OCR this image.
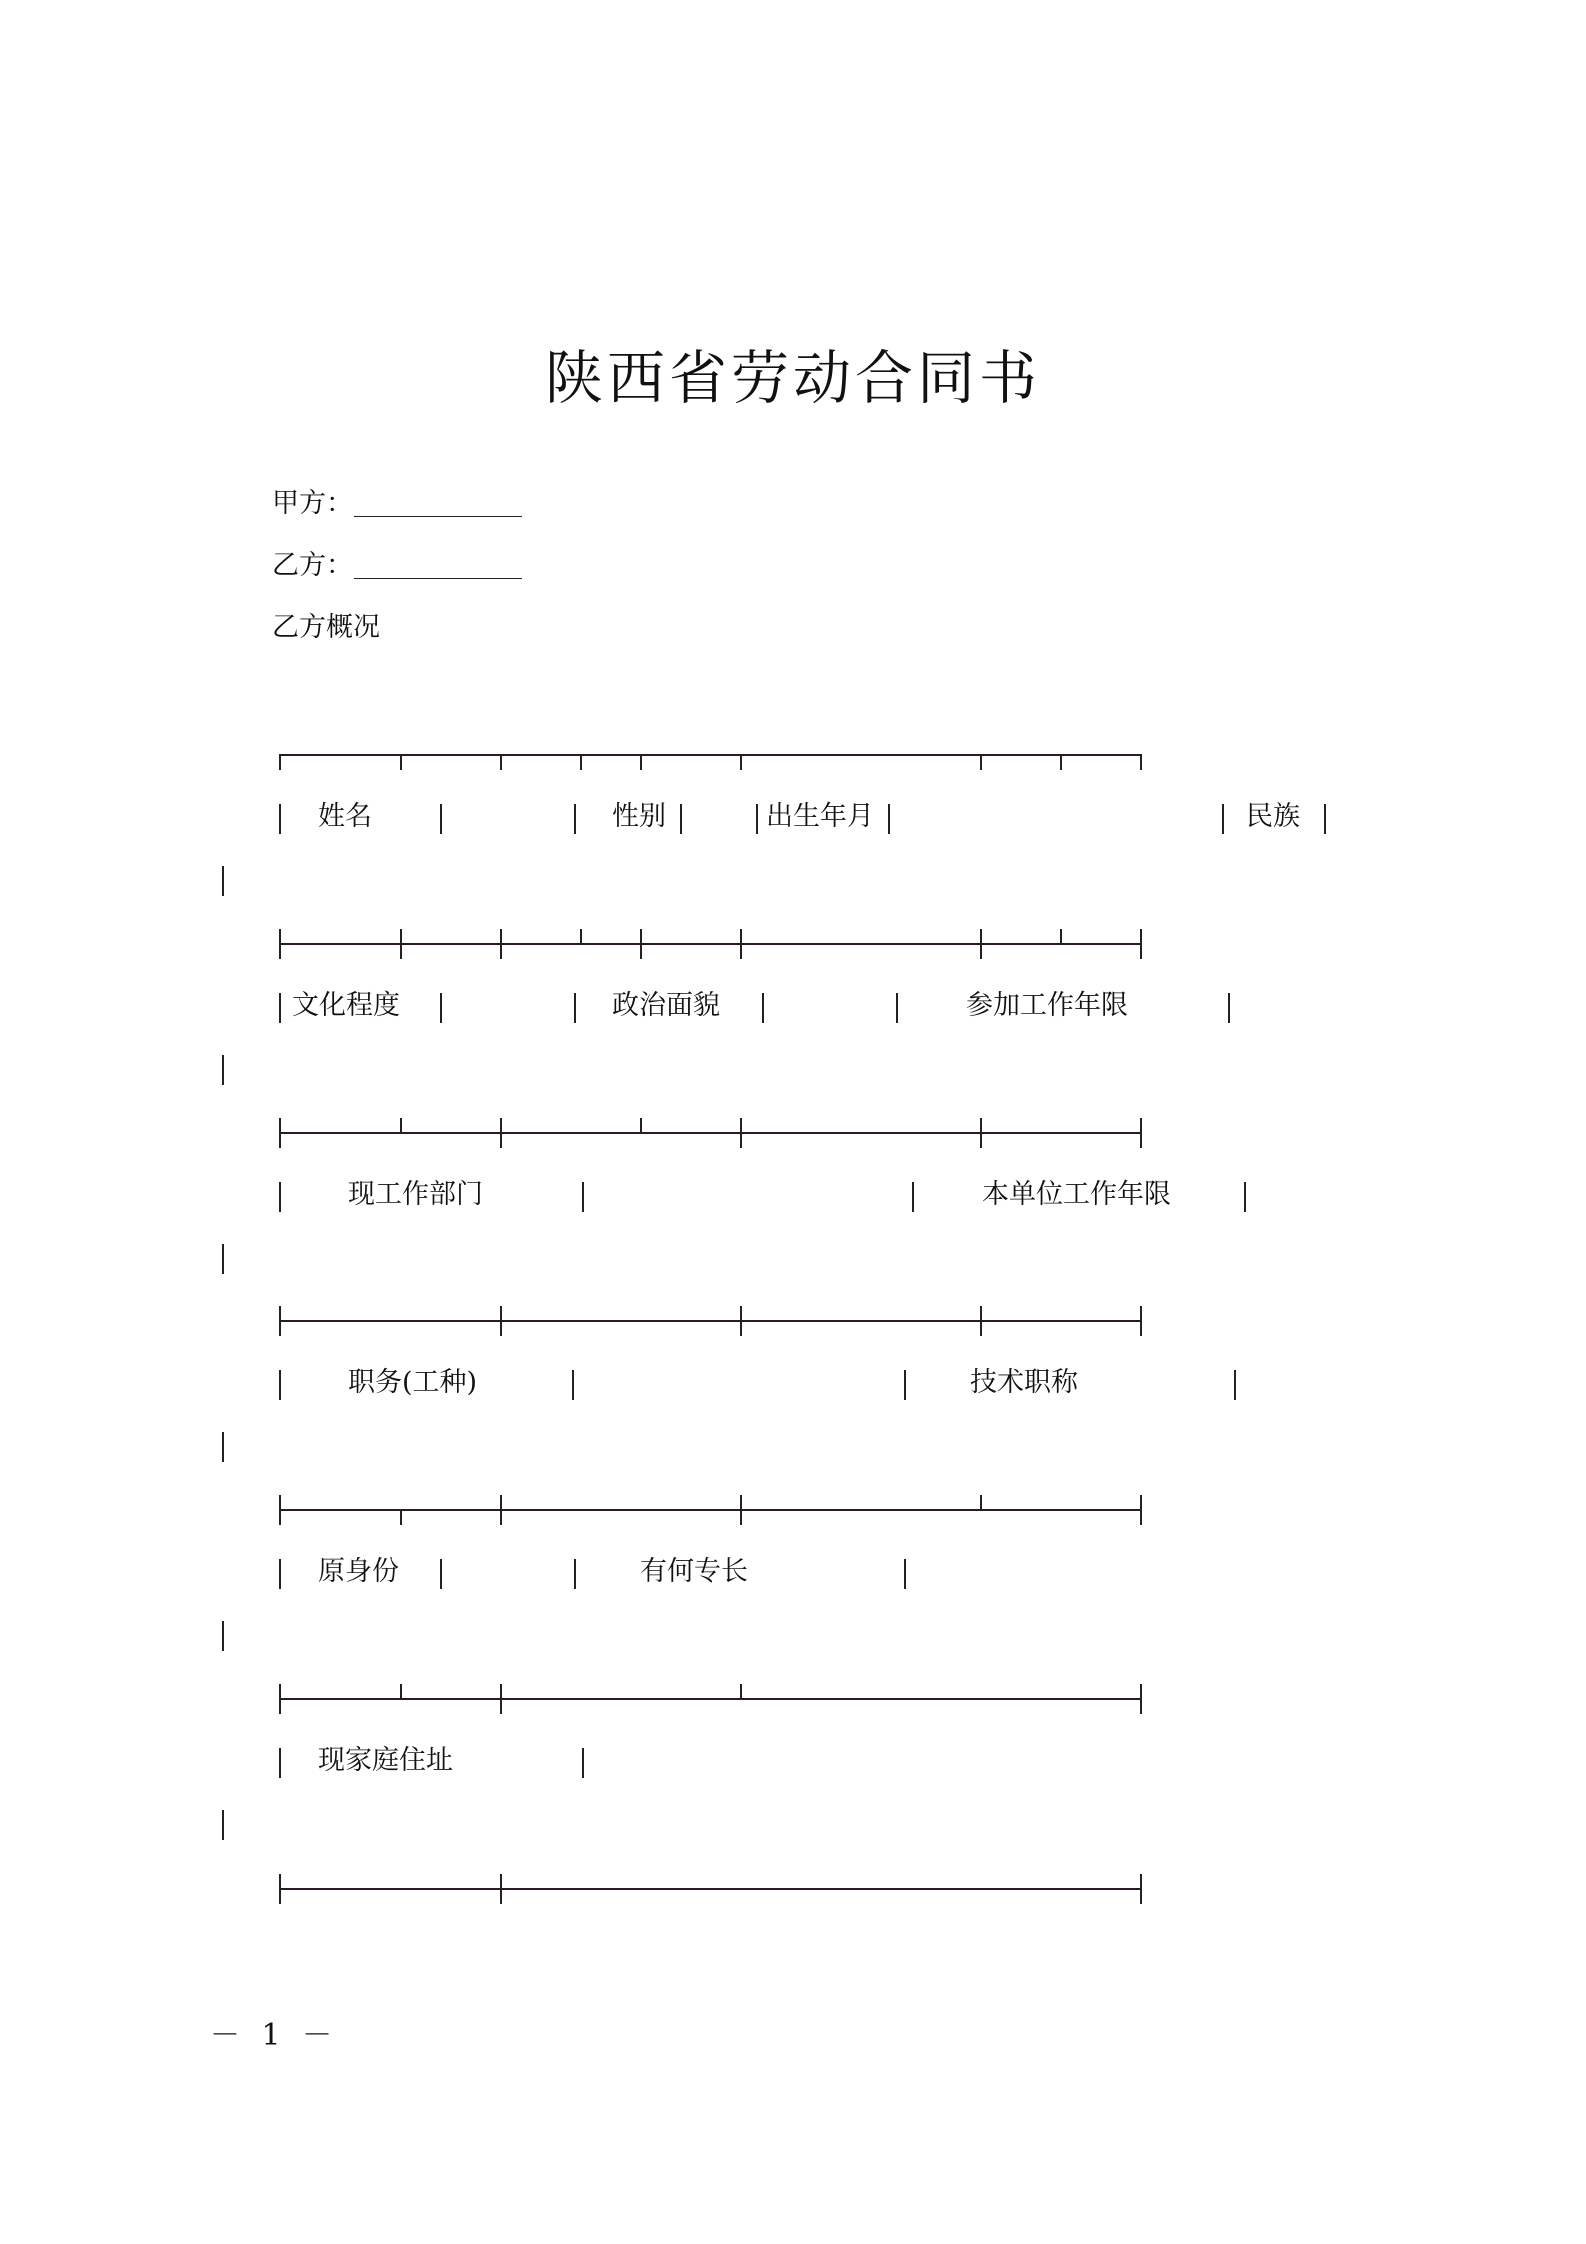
陕西省劳动合同书
甲方：
乙方：
乙方概况
姓名	性别	出生年月	民族
文化程度	政治面貌	参加工作年限
现工作部门	本单位工作年限
职务(工种)	技术职称
原身份	有何专长
现家庭住址
－ 1 －
